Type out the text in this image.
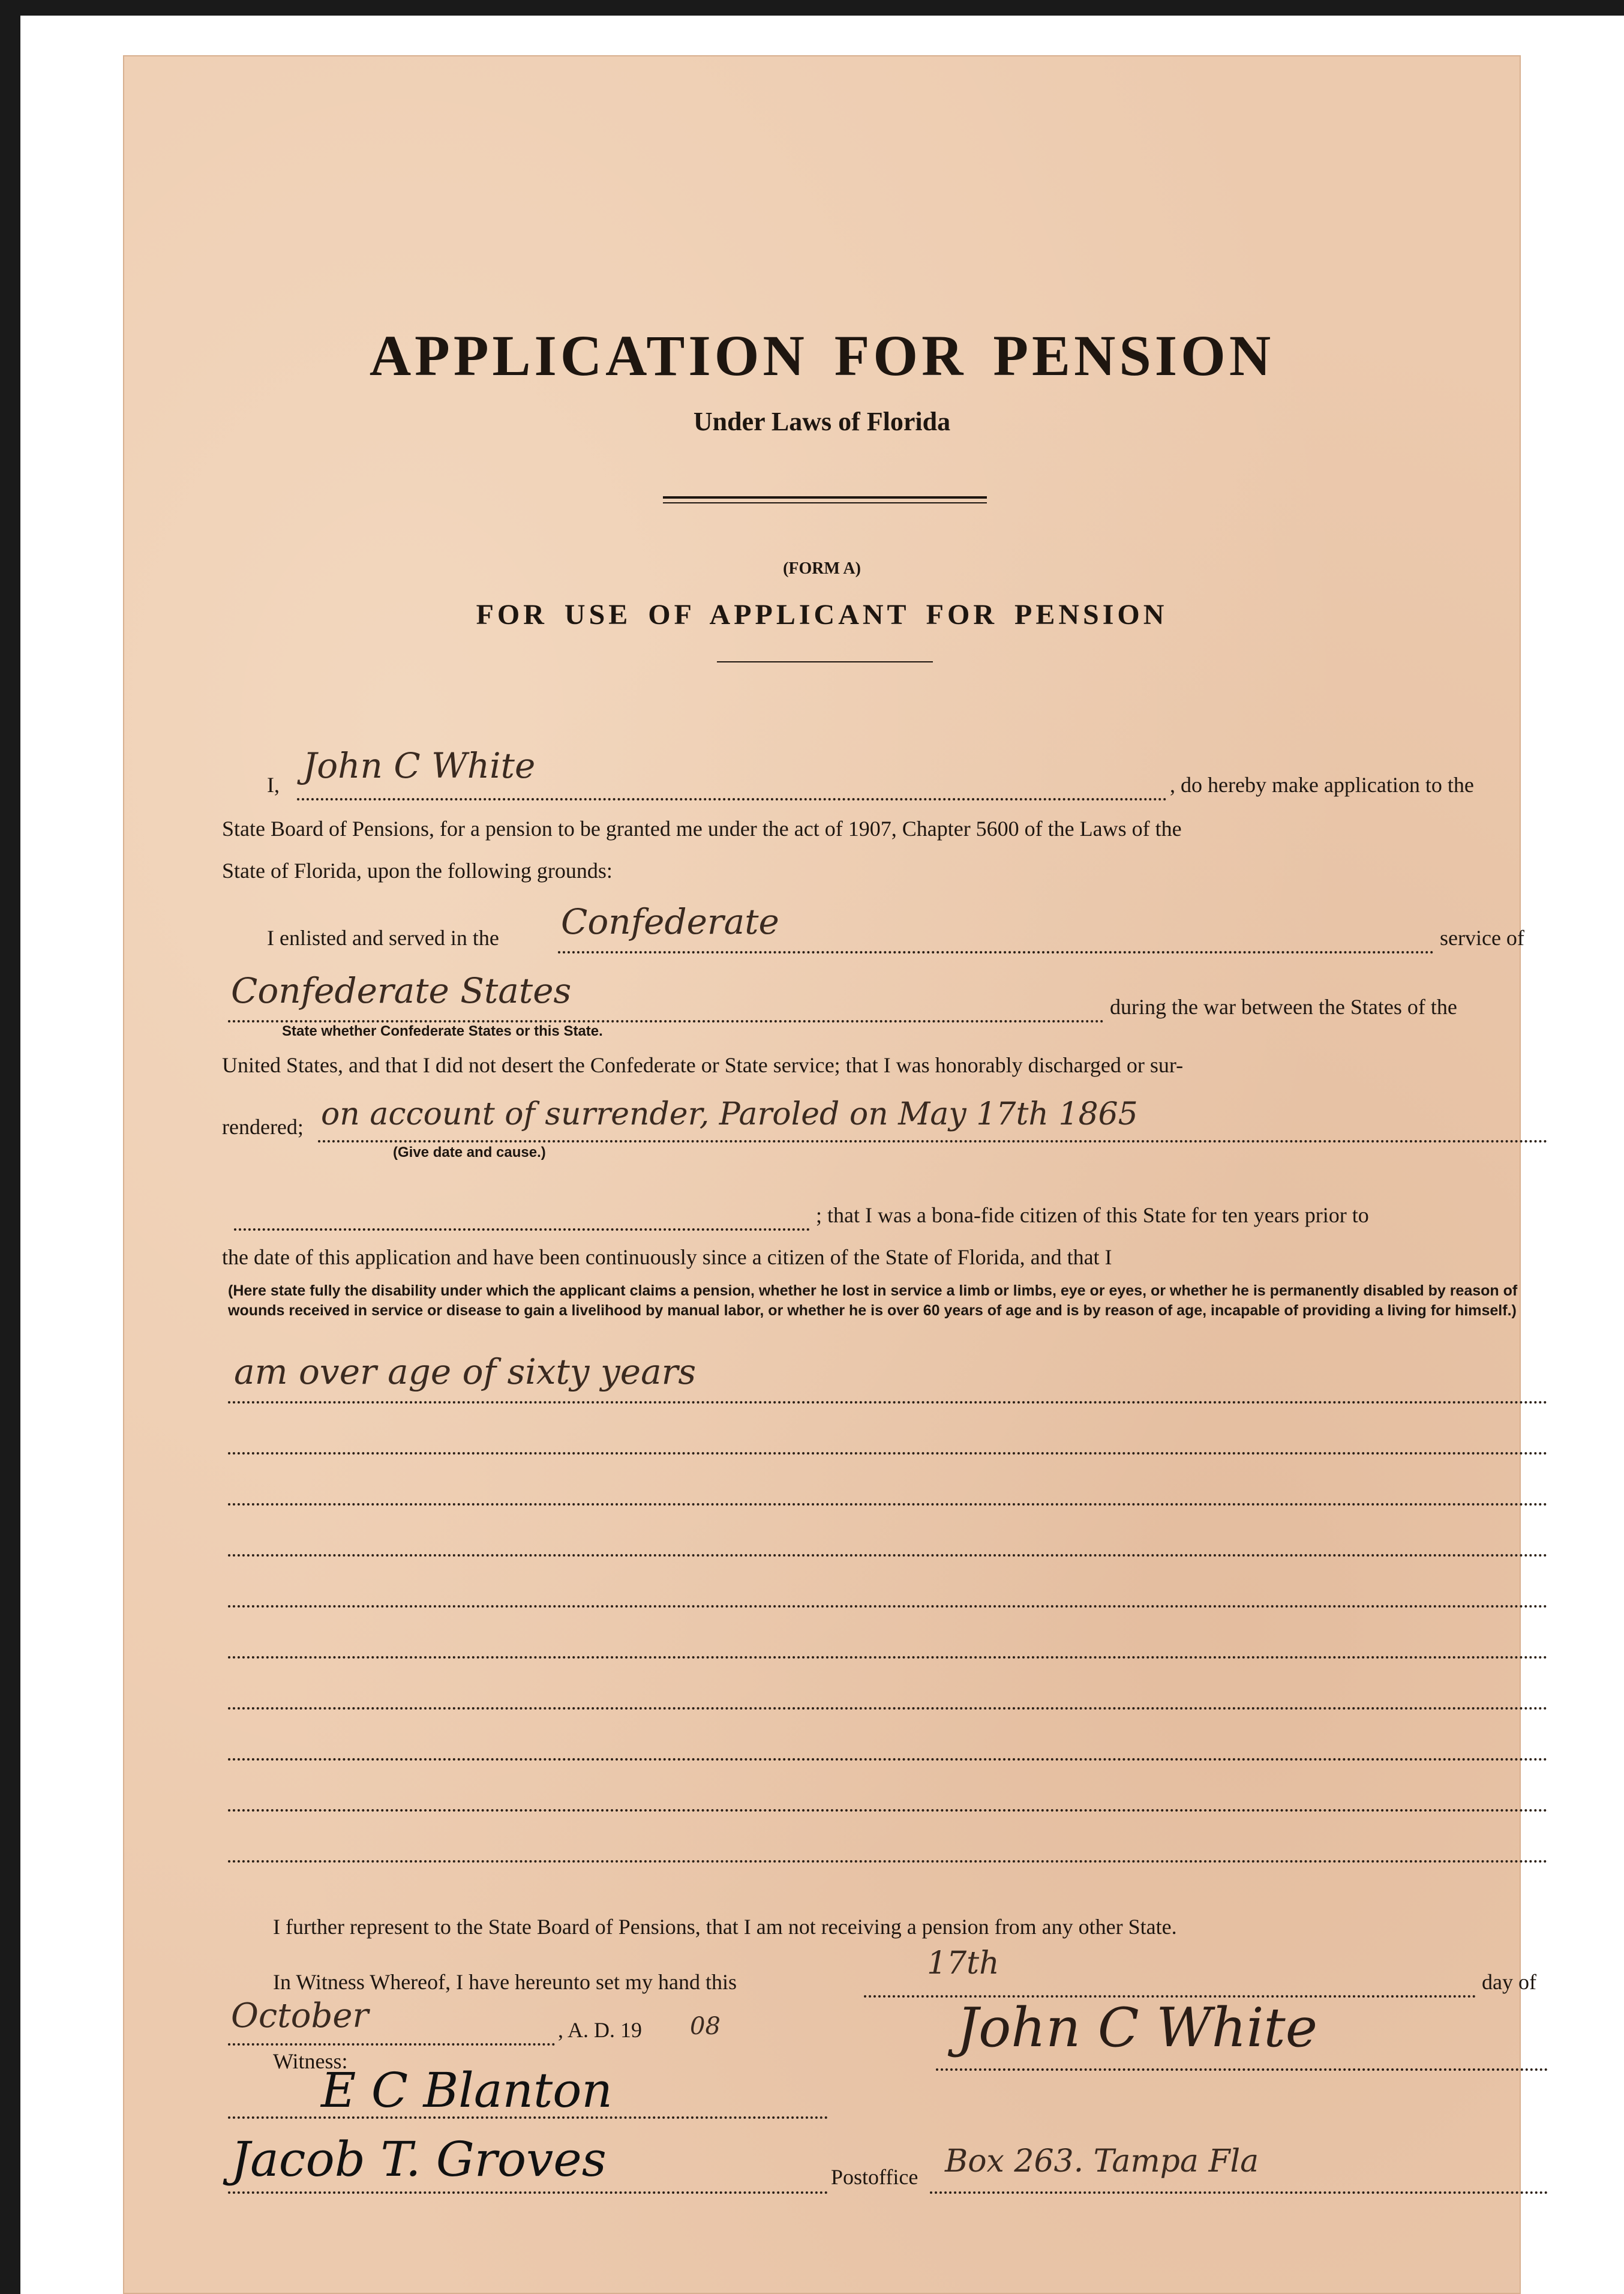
APPLICATION FOR PENSION
Under Laws of Florida
(FORM A)
FOR USE OF APPLICANT FOR PENSION
I, John C White	, do hereby make application to the
State Board of Pensions, for a pension to be granted me under the act of 1907, Chapter 5600 of the Laws of the
State of Florida, upon the following grounds:
I enlisted and served in the Confederate	service of
Confederate States	during the war between the States of the
State whether Confederate States or this State.
United States, and that I did not desert the Confederate or State service; that I was honorably discharged or sur-
rendered; on account of surrender, Paroled on May 17th 1865
(Give date and cause.)
; that I was a bona-fide citizen of this State for ten years prior to
the date of this application and have been continuously since a citizen of the State of Florida, and that I
(Here state fully the disability under which the applicant claims a pension, whether he lost in service a limb or limbs, eye or eyes, or whether he is permanently disabled by reason of wounds received in service or disease to gain a livelihood by manual labor, or whether he is over 60 years of age and is by reason of age, incapable of providing a living for himself.)
am over age of sixty years
I further represent to the State Board of Pensions, that I am not receiving a pension from any other State.
In Witness Whereof, I have hereunto set my hand this
17th
day of
October	, A. D. 19 08	John C White
Witness:
E C Blanton
Jacob T. Groves	Postoffice Box 263. Tampa Fla
